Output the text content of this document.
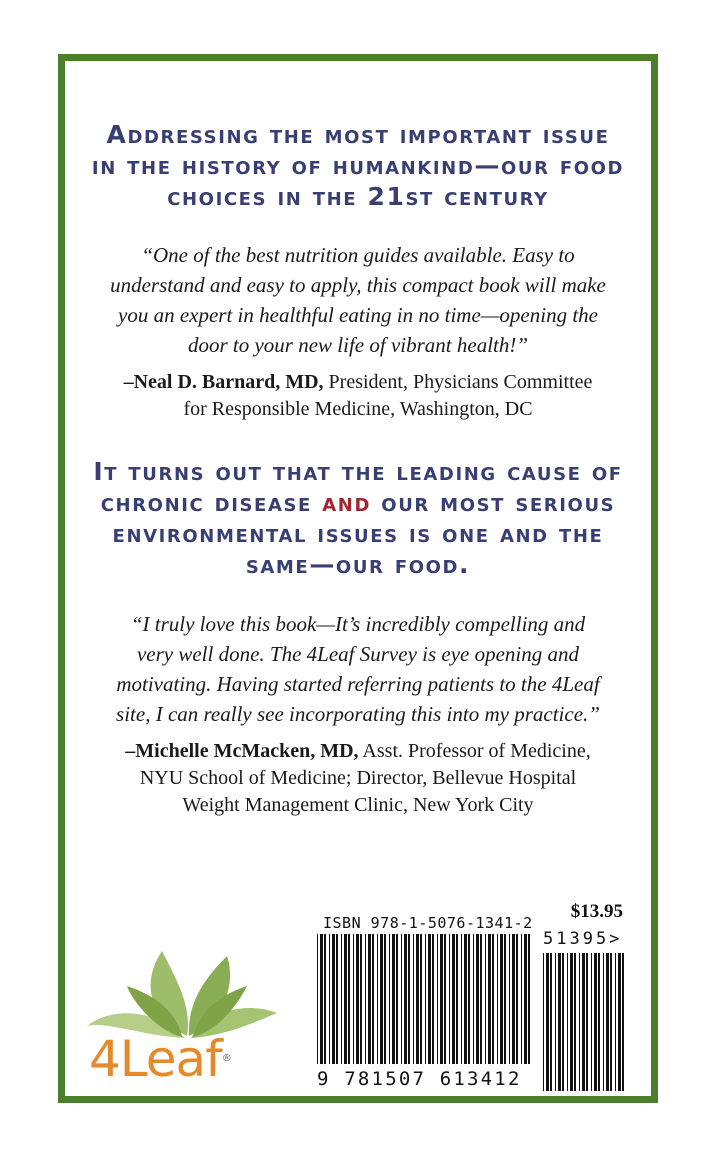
Addressing the most important issue
in the history of humankind—our food
choices in the 21st century

“One of the best nutrition guides available. Easy to
understand and easy to apply, this compact book will make
you an expert in healthful eating in no time—opening the
door to your new life of vibrant health!”

–Neal D. Barnard, MD, President, Physicians Committee
for Responsible Medicine, Washington, DC

It turns out that the leading cause of
chronic disease and our most serious
environmental issues is one and the
same—our food.

“I truly love this book—It’s incredibly compelling and
very well done. The 4Leaf Survey is eye opening and
motivating. Having started referring patients to the 4Leaf
site, I can really see incorporating this into my practice.”

–Michelle McMacken, MD, Asst. Professor of Medicine,
NYU School of Medicine; Director, Bellevue Hospital
Weight Management Clinic, New York City

4Leaf®
$13.95
ISBN 978-1-5076-1341-2
9 781507 613412
51395>
